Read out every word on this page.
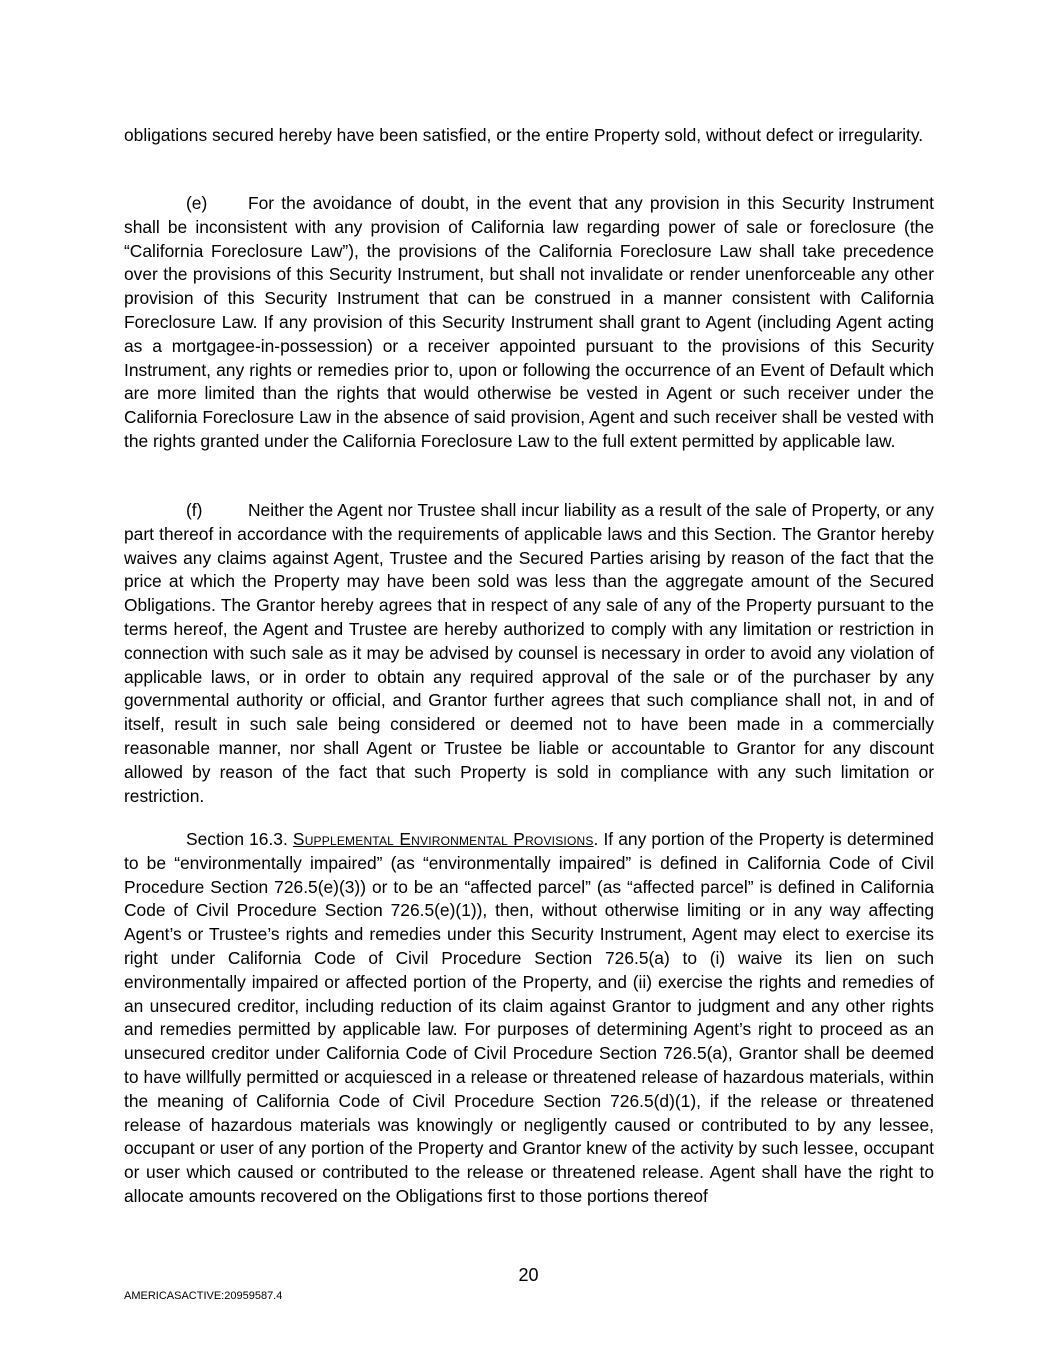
obligations secured hereby have been satisfied, or the entire Property sold, without defect or irregularity.

(e) For the avoidance of doubt, in the event that any provision in this Security Instrument shall be inconsistent with any provision of California law regarding power of sale or foreclosure (the “California Foreclosure Law”), the provisions of the California Foreclosure Law shall take precedence over the provisions of this Security Instrument, but shall not invalidate or render unenforceable any other provision of this Security Instrument that can be construed in a manner consistent with California Foreclosure Law. If any provision of this Security Instrument shall grant to Agent (including Agent acting as a mortgagee-in-possession) or a receiver appointed pursuant to the provisions of this Security Instrument, any rights or remedies prior to, upon or following the occurrence of an Event of Default which are more limited than the rights that would otherwise be vested in Agent or such receiver under the California Foreclosure Law in the absence of said provision, Agent and such receiver shall be vested with the rights granted under the California Foreclosure Law to the full extent permitted by applicable law.

(f)	Neither the Agent nor Trustee shall incur liability as a result of the sale of Property, or any part thereof in accordance with the requirements of applicable laws and this Section. The Grantor hereby waives any claims against Agent, Trustee and the Secured Parties arising by reason of the fact that the price at which the Property may have been sold was less than the aggregate amount of the Secured Obligations. The Grantor hereby agrees that in respect of any sale of any of the Property pursuant to the terms hereof, the Agent and Trustee are hereby authorized to comply with any limitation or restriction in connection with such sale as it may be advised by counsel is necessary in order to avoid any violation of applicable laws, or in order to obtain any required approval of the sale or of the purchaser by any governmental authority or official, and Grantor further agrees that such compliance shall not, in and of itself, result in such sale being considered or deemed not to have been made in a commercially reasonable manner, nor shall Agent or Trustee be liable or accountable to Grantor for any discount allowed by reason of the fact that such Property is sold in compliance with any such limitation or restriction.

Section 16.3. Supplemental Environmental Provisions. If any portion of the Property is determined to be “environmentally impaired” (as “environmentally impaired” is defined in California Code of Civil Procedure Section 726.5(e)(3)) or to be an “affected parcel” (as “affected parcel” is defined in California Code of Civil Procedure Section 726.5(e)(1)), then, without otherwise limiting or in any way affecting Agent’s or Trustee’s rights and remedies under this Security Instrument, Agent may elect to exercise its right under California Code of Civil Procedure Section 726.5(a) to (i) waive its lien on such environmentally impaired or affected portion of the Property, and (ii) exercise the rights and remedies of an unsecured creditor, including reduction of its claim against Grantor to judgment and any other rights and remedies permitted by applicable law. For purposes of determining Agent’s right to proceed as an unsecured creditor under California Code of Civil Procedure Section 726.5(a), Grantor shall be deemed to have willfully permitted or acquiesced in a release or threatened release of hazardous materials, within the meaning of California Code of Civil Procedure Section 726.5(d)(1), if the release or threatened release of hazardous materials was knowingly or negligently caused or contributed to by any lessee, occupant or user of any portion of the Property and Grantor knew of the activity by such lessee, occupant or user which caused or contributed to the release or threatened release. Agent shall have the right to allocate amounts recovered on the Obligations first to those portions thereof

20
AMERICASACTIVE:20959587.4
